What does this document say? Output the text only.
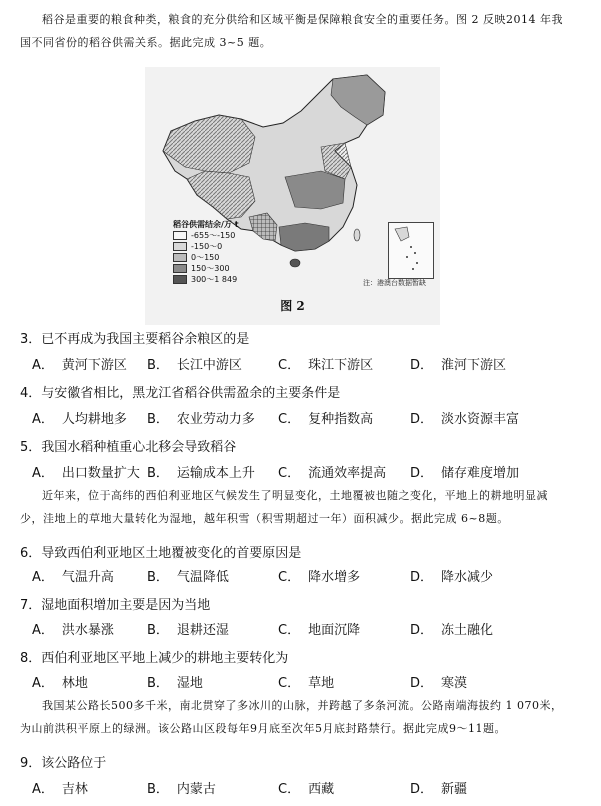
稻谷是重要的粮食种类，粮食的充分供给和区域平衡是保障粮食安全的重要任务。图 2 反映2014 年我
国不同省份的稻谷供需关系。据此完成 3~5 题。
稻谷供需结余/万 t
-655～-150
-150～0
0～150
150～300
300～1 849	注：港澳台数据暂缺
图 2
3．已不再成为我国主要稻谷余粮区的是
A． 黄河下游区 B． 长江中游区	C． 珠江下游区	D． 淮河下游区
4．与安徽省相比，黑龙江省稻谷供需盈余的主要条件是
A． 人均耕地多 B． 农业劳动力多 C． 复种指数高	D． 淡水资源丰富
5．我国水稻种植重心北移会导致稻谷
A． 出口数量扩大 B． 运输成本上升 C． 流通效率提高 D． 储存难度增加
近年来，位于高纬的西伯利亚地区气候发生了明显变化，土地覆被也随之变化，平地上的耕地明显减
少，洼地上的草地大量转化为湿地，越年积雪（积雪期超过一年）面积减少。据此完成 6~8题。
6．导致西伯利亚地区土地覆被变化的首要原因是
A． 气温升高	B． 气温降低	C． 降水增多	D． 降水减少
7．湿地面积增加主要是因为当地
A． 洪水暴涨	B． 退耕还湿	C． 地面沉降	D． 冻土融化
8．西伯利亚地区平地上减少的耕地主要转化为
A． 林地	B． 湿地	C． 草地	D． 寒漠
我国某公路长500多千米，南北贯穿了多冰川的山脉，并跨越了多条河流。公路南端海拔约 1 070米，
为山前洪积平原上的绿洲。该公路山区段每年9月底至次年5月底封路禁行。据此完成9～11题。
9．该公路位于
A． 吉林	B． 内蒙古	C． 西藏	D． 新疆
